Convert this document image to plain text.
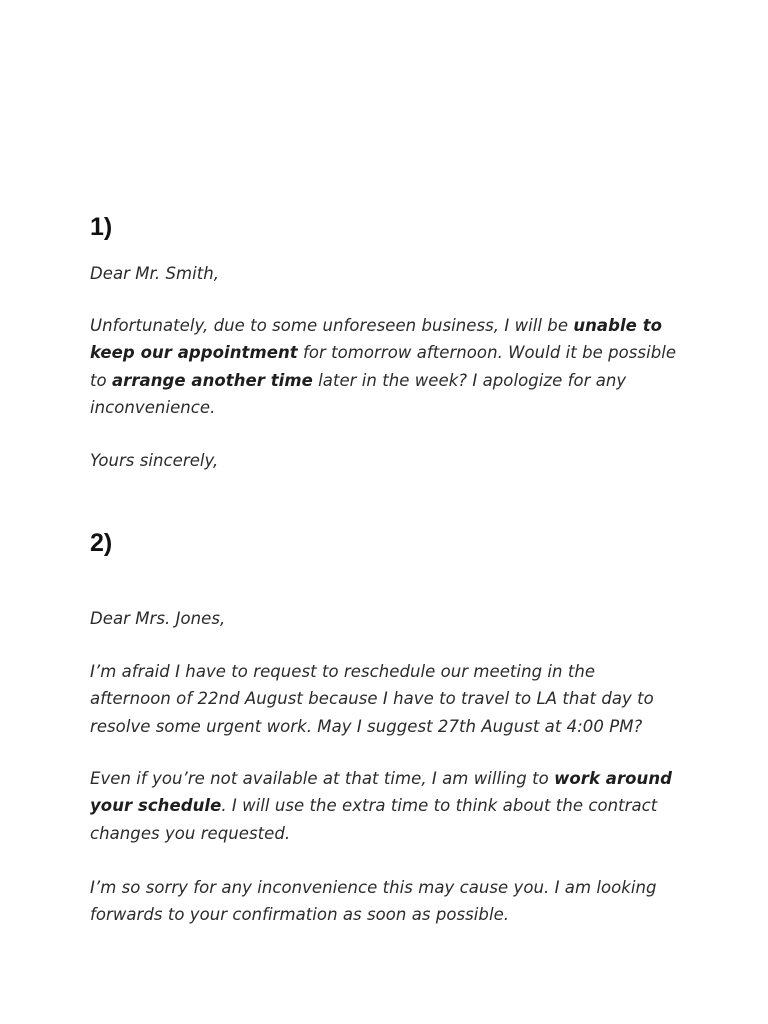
1)

Dear Mr. Smith,

Unfortunately, due to some unforeseen business, I will be unable to keep our appointment for tomorrow afternoon. Would it be possible to arrange another time later in the week? I apologize for any inconvenience.

Yours sincerely,

2)

Dear Mrs. Jones,

I’m afraid I have to request to reschedule our meeting in the afternoon of 22nd August because I have to travel to LA that day to resolve some urgent work. May I suggest 27th August at 4:00 PM?

Even if you’re not available at that time, I am willing to work around your schedule. I will use the extra time to think about the contract changes you requested.

I’m so sorry for any inconvenience this may cause you. I am looking forwards to your confirmation as soon as possible.
